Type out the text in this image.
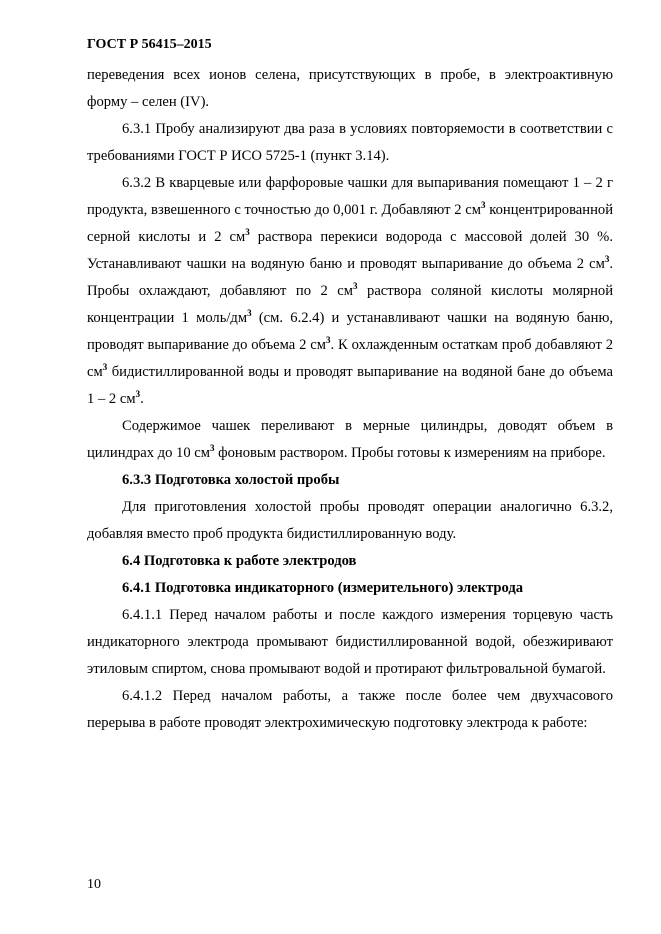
ГОСТ Р 56415–2015

переведения всех ионов селена, присутствующих в пробе, в электроактивную форму – селен (IV).

6.3.1 Пробу анализируют два раза в условиях повторяемости в соответствии с требованиями ГОСТ Р ИСО 5725-1 (пункт 3.14).

6.3.2 В кварцевые или фарфоровые чашки для выпаривания помещают 1 – 2 г продукта, взвешенного с точностью до 0,001 г. Добавляют 2 $см^3$ концентрированной серной кислоты и 2 $см^3$ раствора перекиси водорода с массовой долей 30 %. Устанавливают чашки на водяную баню и проводят выпаривание до объема 2 $см^3$. Пробы охлаждают, добавляют по 2 $см^3$ раствора соляной кислоты молярной концентрации 1 моль/$дм^3$ (см. 6.2.4) и устанавливают чашки на водяную баню, проводят выпаривание до объема 2 $см^3$. К охлажденным остаткам проб добавляют 2 $см^3$ бидистиллированной воды и проводят выпаривание на водяной бане до объема 1 – 2 $см^3$.

Содержимое чашек переливают в мерные цилиндры, доводят объем в цилиндрах до 10 $см^3$ фоновым раствором. Пробы готовы к измерениям на приборе.

6.3.3 Подготовка холостой пробы

Для приготовления холостой пробы проводят операции аналогично 6.3.2, добавляя вместо проб продукта бидистиллированную воду.

6.4 Подготовка к работе электродов

6.4.1 Подготовка индикаторного (измерительного) электрода

6.4.1.1 Перед началом работы и после каждого измерения торцевую часть индикаторного электрода промывают бидистиллированной водой, обезжиривают этиловым спиртом, снова промывают водой и протирают фильтровальной бумагой.

6.4.1.2 Перед началом работы, а также после более чем двухчасового перерыва в работе проводят электрохимическую подготовку электрода к работе:

10
